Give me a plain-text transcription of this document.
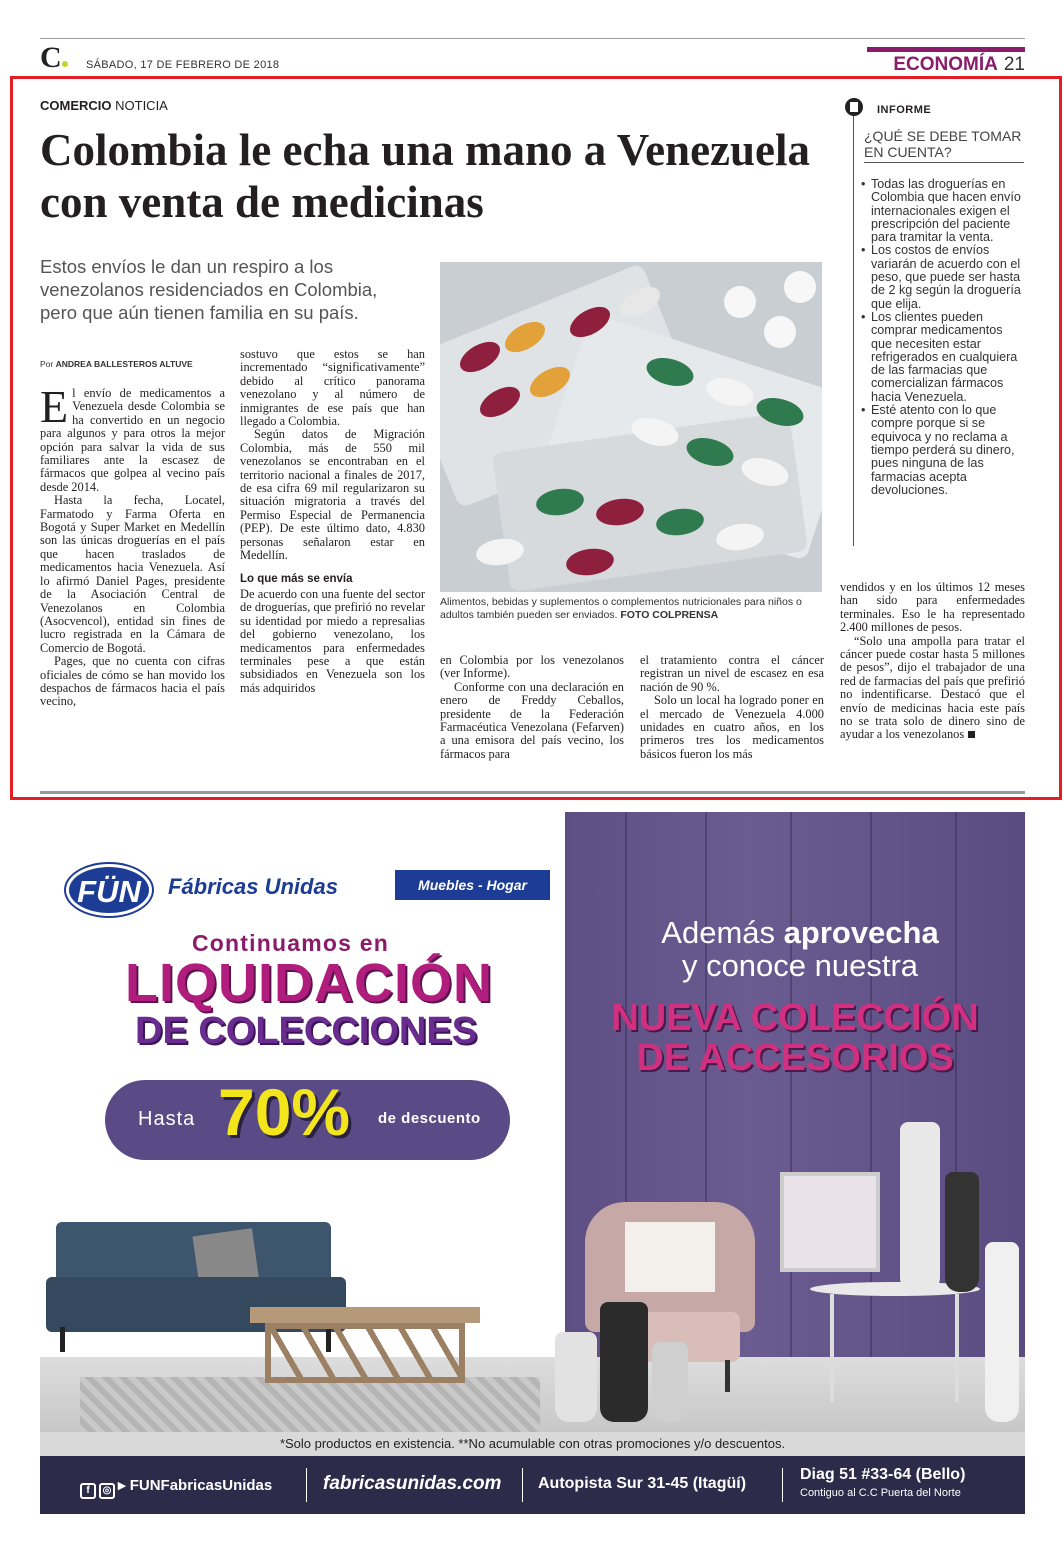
C SÁBADO, 17 DE FEBRERO DE 2018	ECONOMÍA 21
COMERCIO NOTICIA
Colombia le echa una mano a Venezuela con venta de medicinas

Estos envíos le dan un respiro a los venezolanos residenciados en Colombia, pero que aún tienen familia en su país.

Alimentos, bebidas y suplementos o complementos nutricionales para niños o adultos también pueden ser enviados. FOTO COLPRENSA

Por ANDREA BALLESTEROS ALTUVE

El envío de medicamentos a Venezuela desde Colombia se ha convertido en un negocio para algunos y para otros la mejor opción para salvar la vida de sus familiares ante la escasez de fármacos que golpea al vecino país desde 2014.

Hasta la fecha, Locatel, Farmatodo y Farma Oferta en Bogotá y Super Market en Medellín son las únicas droguerías en el país que hacen traslados de medicamentos hacia Venezuela. Así lo afirmó Daniel Pages, presidente de la Asociación Central de Venezolanos en Colombia (Asocvencol), entidad sin fines de lucro registrada en la Cámara de Comercio de Bogotá.

Pages, que no cuenta con cifras oficiales de cómo se han movido los despachos de fármacos hacia el país vecino,

sostuvo que estos se han incrementado “significativamente” debido al crítico panorama venezolano y al número de inmigrantes de ese país que han llegado a Colombia.

Según datos de Migración Colombia, más de 550 mil venezolanos se encontraban en el territorio nacional a finales de 2017, de esa cifra 69 mil regularizaron su situación migratoria a través del Permiso Especial de Permanencia (PEP). De este último dato, 4.830 personas señalaron estar en Medellín.

Lo que más se envía

De acuerdo con una fuente del sector de droguerías, que prefirió no revelar su identidad por miedo a represalias del gobierno venezolano, los medicamentos para enfermedades terminales pese a que están subsidiados en Venezuela son los más adquiridos

en Colombia por los venezolanos (ver Informe).

Conforme con una declaración en enero de Freddy Ceballos, presidente de la Federación Farmacéutica Venezolana (Fefarven) a una emisora del país vecino, los fármacos para

el tratamiento contra el cáncer registran un nivel de escasez en esa nación de 90 %.

Solo un local ha logrado poner en el mercado de Venezuela 4.000 unidades en cuatro años, en los primeros tres los medicamentos básicos fueron los más

vendidos y en los últimos 12 meses han sido para enfermedades terminales. Eso le ha representado 2.400 millones de pesos.

“Solo una ampolla para tratar el cáncer puede costar hasta 5 millones de pesos”, dijo el trabajador de una red de farmacias del país que prefirió no indentificarse. Destacó que el envío de medicinas hacia este país no se trata solo de dinero sino de ayudar a los venezolanos

INFORME
¿QUÉ SE DEBE TOMAR EN CUENTA?
• Todas las droguerías en Colombia que hacen envío internacionales exigen el prescripción del paciente para tramitar la venta.
• Los costos de envíos variarán de acuerdo con el peso, que puede ser hasta de 2 kg según la droguería que elija.
• Los clientes pueden comprar medicamentos que necesiten estar refrigerados en cualquiera de las farmacias que comercializan fármacos hacia Venezuela.
• Esté atento con lo que compre porque si se equivoca y no reclama a tiempo perderá su dinero, pues ninguna de las farmacias acepta devoluciones.
FÜN	Fábricas Unidas	Muebles - Hogar
Continuamos en
LIQUIDACIÓN
DE COLECCIONES
Hasta 70% de descuento
Además aprovecha
y conoce nuestra
NUEVA COLECCIÓN
DE ACCESORIOS
*Solo productos en existencia. **No acumulable con otras promociones y/o descuentos.
f ◎ ▸ FUNFabricasUnidas	fabricasunidas.com Autopista Sur 31-45 (Itagüí)
Diag 51 #33-64 (Bello)
Contiguo al C.C Puerta del Norte
